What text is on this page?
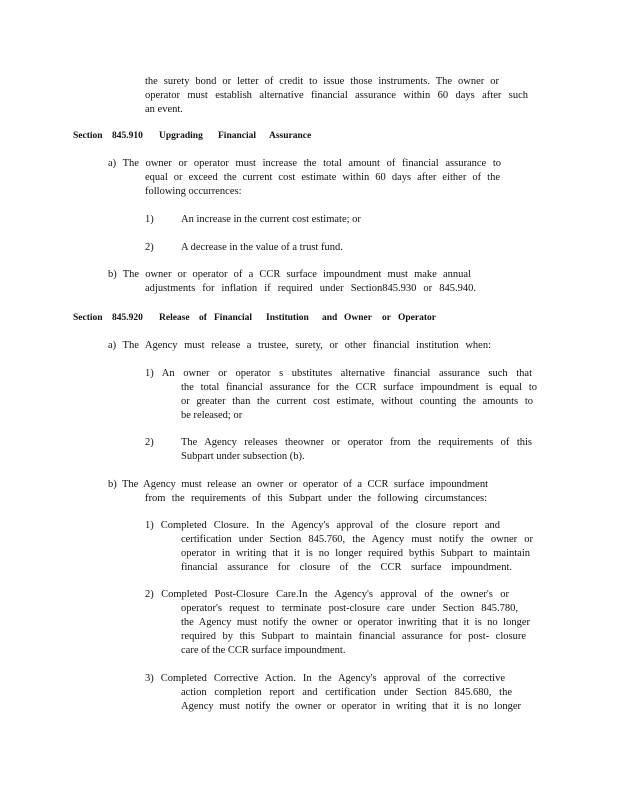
the surety bond or letter of credit to issue those instruments. The owner or
operator must establish alternative financial assurance within 60 days after such
an event.
Section 845.910 Upgrading Financial Assurance
a) The owner or operator must increase the total amount of financial assurance to
equal or exceed the current cost estimate within 60 days after either of the
following occurrences:
1)	An increase in the current cost estimate; or
2)	A decrease in the value of a trust fund.
b) The owner or operator of a CCR surface impoundment must make annual
adjustments for inflation if required under Section845.930 or 845.940.
Section 845.920 Release of Financial Institution and Owner or Operator
a) The Agency must release a trustee, surety, or other financial institution when:
1) An owner or operator s ubstitutes alternative financial assurance such that
the total financial assurance for the CCR surface impoundment is equal to
or greater than the current cost estimate, without counting the amounts to
be released; or
2)	The Agency releases theowner or operator from the requirements of this
Subpart under subsection (b).
b) The Agency must release an owner or operator of a CCR surface impoundment
from the requirements of this Subpart under the following circumstances:
1) Completed Closure. In the Agency's approval of the closure report and
certification under Section 845.760, the Agency must notify the owner or
operator in writing that it is no longer required bythis Subpart to maintain
financial assurance for closure of the CCR surface impoundment.
2) Completed Post-Closure Care.In the Agency's approval of the owner's or
operator's request to terminate post-closure care under Section 845.780,
the Agency must notify the owner or operator inwriting that it is no longer
required by this Subpart to maintain financial assurance for post- closure
care of the CCR surface impoundment.
3) Completed Corrective Action. In the Agency's approval of the corrective
action completion report and certification under Section 845.680, the
Agency must notify the owner or operator in writing that it is no longer
